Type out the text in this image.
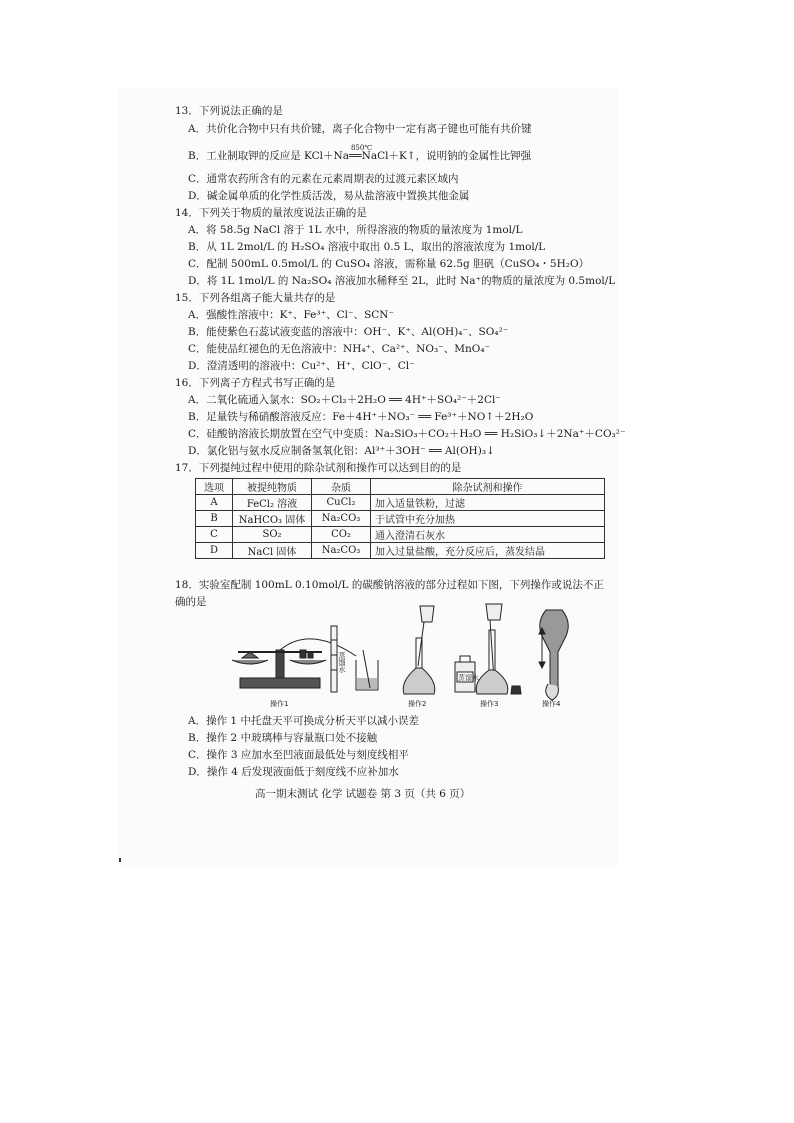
13．下列说法正确的是
A．共价化合物中只有共价键，离子化合物中一定有离子键也可能有共价键
B．工业制取钾的反应是 KCl＋Na
850℃
══NaCl＋K↑，说明钠的金属性比钾强
C．通常农药所含有的元素在元素周期表的过渡元素区域内
D．碱金属单质的化学性质活泼，易从盐溶液中置换其他金属
14．下列关于物质的量浓度说法正确的是
A．将 58.5g NaCl 溶于 1L 水中，所得溶液的物质的量浓度为 1mol/L
B．从 1L 2mol/L 的 H₂SO₄ 溶液中取出 0.5 L，取出的溶液浓度为 1mol/L
C．配制 500mL 0.5mol/L 的 CuSO₄ 溶液，需称量 62.5g 胆矾（CuSO₄・5H₂O）
D．将 1L 1mol/L 的 Na₂SO₄ 溶液加水稀释至 2L，此时 Na⁺的物质的量浓度为 0.5mol/L
15．下列各组离子能大量共存的是
A．强酸性溶液中：K⁺、Fe³⁺、Cl⁻、SCN⁻
B．能使紫色石蕊试液变蓝的溶液中：OH⁻、K⁺、Al(OH)₄⁻、SO₄²⁻
C．能使品红褪色的无色溶液中：NH₄⁺、Ca²⁺、NO₃⁻、MnO₄⁻
D．澄清透明的溶液中：Cu²⁺、H⁺、ClO⁻、Cl⁻
16．下列离子方程式书写正确的是
A．二氧化硫通入氯水：SO₂＋Cl₂＋2H₂O ══ 4H⁺＋SO₄²⁻＋2Cl⁻
B．足量铁与稀硝酸溶液反应：Fe＋4H⁺＋NO₃⁻ ══ Fe³⁺＋NO↑＋2H₂O
C．硅酸钠溶液长期放置在空气中变质：Na₂SiO₃＋CO₂＋H₂O ══ H₂SiO₃↓＋2Na⁺＋CO₃²⁻
D．氯化铝与氨水反应制备氢氧化铝：Al³⁺＋3OH⁻ ══ Al(OH)₃↓
17．下列提纯过程中使用的除杂试剂和操作可以达到目的的是
选项	被提纯物质	杂质	除杂试剂和操作
A	FeCl₂ 溶液	CuCl₂	加入适量铁粉，过滤
B	NaHCO₃ 固体	Na₂CO₃	于试管中充分加热
C	SO₂	CO₂	通入澄清石灰水
D	NaCl 固体	Na₂CO₃	加入过量盐酸，充分反应后，蒸发结晶
18．实验室配制 100mL 0.10mol/L 的碳酸钠溶液的部分过程如下图，下列操作或说法不正
确的是
蒸馏水
蒸馏水
操作1	操作2	操作3	操作4
A．操作 1 中托盘天平可换成分析天平以减小误差
B．操作 2 中玻璃棒与容量瓶口处不接触
C．操作 3 应加水至凹液面最低处与刻度线相平
D．操作 4 后发现液面低于刻度线不应补加水
高一期末测试 化学 试题卷 第 3 页（共 6 页）
